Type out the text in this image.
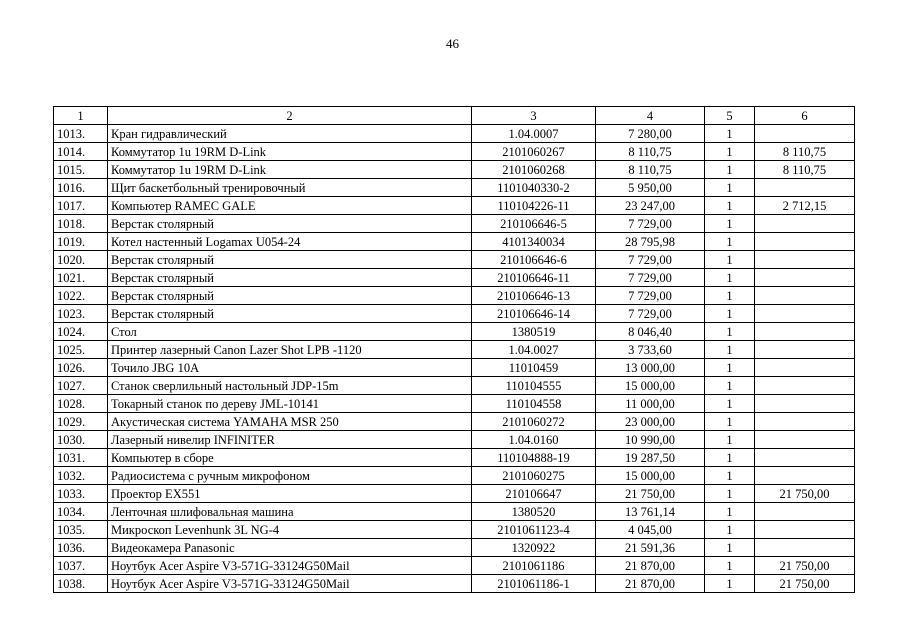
46
1	2	3	4	5	6
1013.	Кран гидравлический	1.04.0007	7 280,00	1	
1014.	Коммутатор 1u 19RM D-Link	2101060267	8 110,75	1	8 110,75
1015.	Коммутатор 1u 19RM D-Link	2101060268	8 110,75	1	8 110,75
1016.	Щит баскетбольный тренировочный	1101040330-2	5 950,00	1	
1017.	Компьютер RAMEC GALE	110104226-11	23 247,00	1	2 712,15
1018.	Верстак столярный	210106646-5	7 729,00	1	
1019.	Котел настенный Logamax U054-24	4101340034	28 795,98	1	
1020.	Верстак столярный	210106646-6	7 729,00	1	
1021.	Верстак столярный	210106646-11	7 729,00	1	
1022.	Верстак столярный	210106646-13	7 729,00	1	
1023.	Верстак столярный	210106646-14	7 729,00	1	
1024.	Стол	1380519	8 046,40	1	
1025.	Принтер лазерный Canon Lazer Shot LPB -1120	1.04.0027	3 733,60	1	
1026.	Точило JBG 10A	11010459	13 000,00	1	
1027.	Станок сверлильный настольный JDP-15m	110104555	15 000,00	1	
1028.	Токарный станок по дереву JML-10141	110104558	11 000,00	1	
1029.	Акустическая система YAMAHA MSR 250	2101060272	23 000,00	1	
1030.	Лазерный нивелир INFINITER	1.04.0160	10 990,00	1	
1031.	Компьютер в сборе	110104888-19	19 287,50	1	
1032.	Радиосистема с ручным микрофоном	2101060275	15 000,00	1	
1033.	Проектор EX551	210106647	21 750,00	1	21 750,00
1034.	Ленточная шлифовальная машина	1380520	13 761,14	1	
1035.	Микроскоп Levenhunk 3L NG-4	2101061123-4	4 045,00	1	
1036.	Видеокамера Panasonic	1320922	21 591,36	1	
1037.	Ноутбук Acer Aspire V3-571G-33124G50Mail	2101061186	21 870,00	1	21 750,00
1038.	Ноутбук Acer Aspire V3-571G-33124G50Mail	2101061186-1	21 870,00	1	21 750,00
